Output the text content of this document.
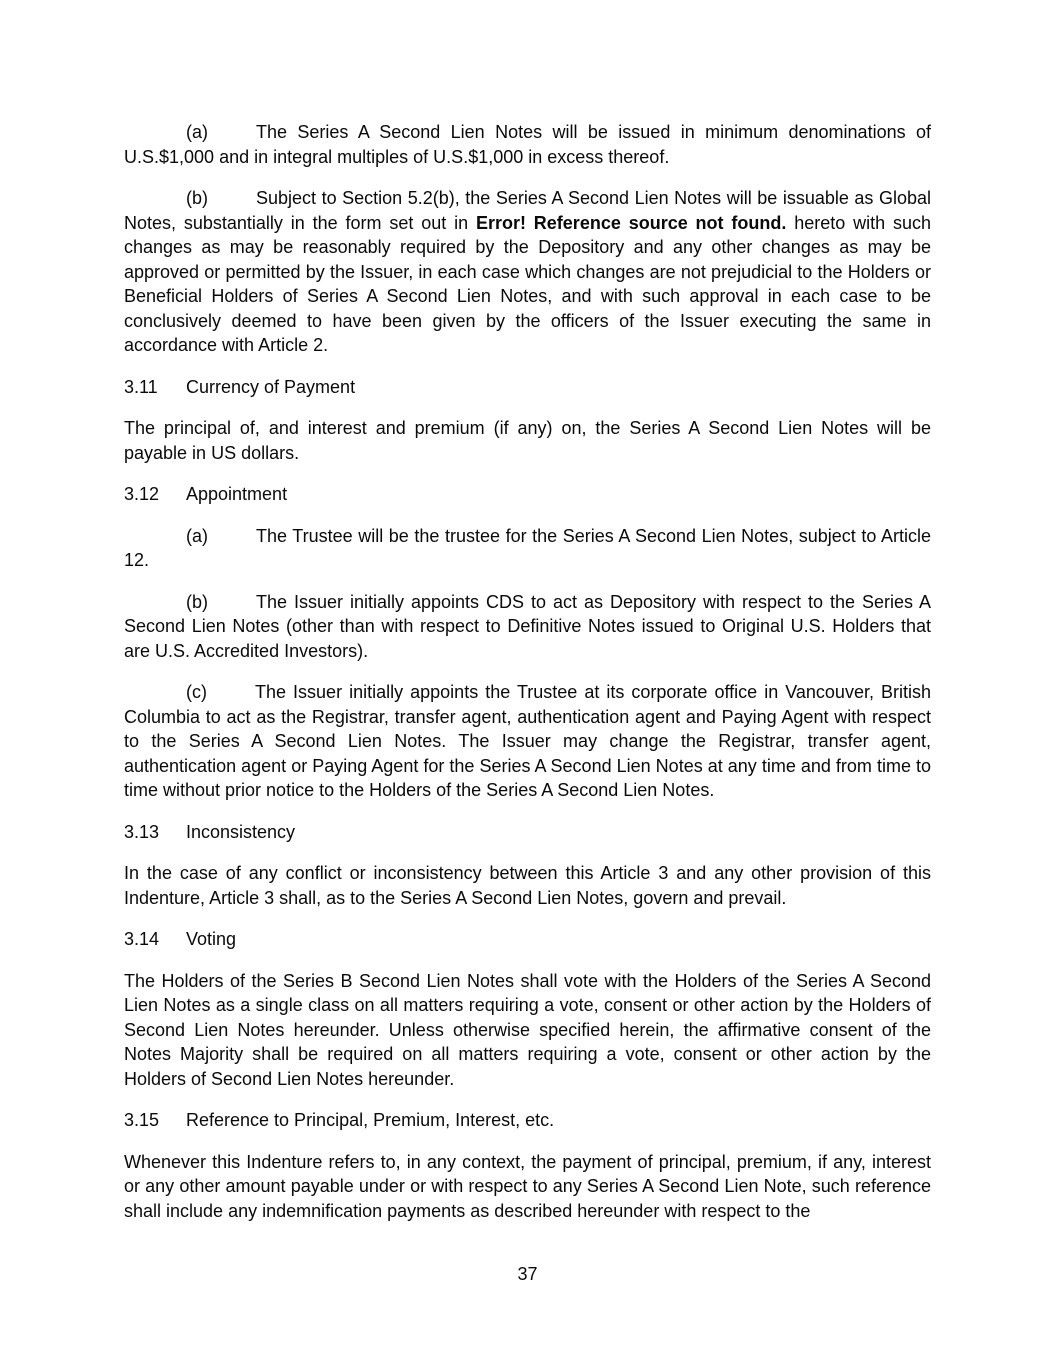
(a)	The Series A Second Lien Notes will be issued in minimum denominations of U.S.$1,000 and in integral multiples of U.S.$1,000 in excess thereof.

(b)	Subject to Section 5.2(b), the Series A Second Lien Notes will be issuable as Global Notes, substantially in the form set out in Error! Reference source not found. hereto with such changes as may be reasonably required by the Depository and any other changes as may be approved or permitted by the Issuer, in each case which changes are not prejudicial to the Holders or Beneficial Holders of Series A Second Lien Notes, and with such approval in each case to be conclusively deemed to have been given by the officers of the Issuer executing the same in accordance with Article 2.

3.11 Currency of Payment

The principal of, and interest and premium (if any) on, the Series A Second Lien Notes will be payable in US dollars.

3.12 Appointment

(a)	The Trustee will be the trustee for the Series A Second Lien Notes, subject to Article 12.

(b)	The Issuer initially appoints CDS to act as Depository with respect to the Series A Second Lien Notes (other than with respect to Definitive Notes issued to Original U.S. Holders that are U.S. Accredited Investors).

(c)	The Issuer initially appoints the Trustee at its corporate office in Vancouver, British Columbia to act as the Registrar, transfer agent, authentication agent and Paying Agent with respect to the Series A Second Lien Notes. The Issuer may change the Registrar, transfer agent, authentication agent or Paying Agent for the Series A Second Lien Notes at any time and from time to time without prior notice to the Holders of the Series A Second Lien Notes.

3.13 Inconsistency

In the case of any conflict or inconsistency between this Article 3 and any other provision of this Indenture, Article 3 shall, as to the Series A Second Lien Notes, govern and prevail.

3.14 Voting

The Holders of the Series B Second Lien Notes shall vote with the Holders of the Series A Second Lien Notes as a single class on all matters requiring a vote, consent or other action by the Holders of Second Lien Notes hereunder. Unless otherwise specified herein, the affirmative consent of the Notes Majority shall be required on all matters requiring a vote, consent or other action by the Holders of Second Lien Notes hereunder.

3.15 Reference to Principal, Premium, Interest, etc.

Whenever this Indenture refers to, in any context, the payment of principal, premium, if any, interest or any other amount payable under or with respect to any Series A Second Lien Note, such reference shall include any indemnification payments as described hereunder with respect to the

37
